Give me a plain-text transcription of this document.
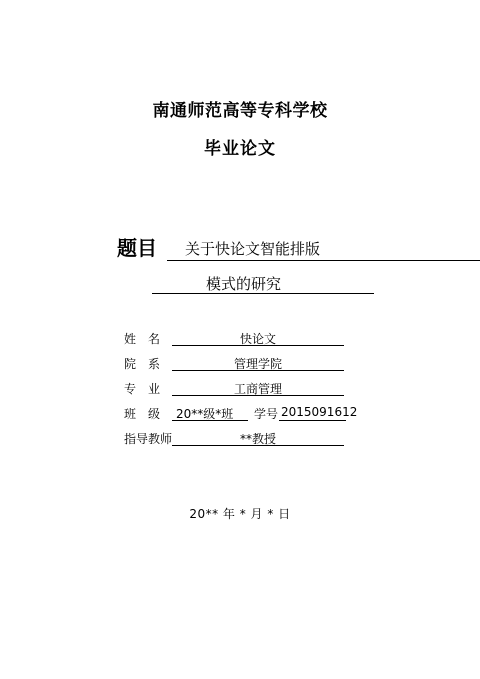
南通师范高等专科学校
毕业论文
题目 关于快论文智能排版
模式的研究
姓　名	快论文
院　系	管理学院
专　业	工商管理
班　级 20**级*班 学号 2015091612
指导教师	**教授
20** 年 * 月 * 日
